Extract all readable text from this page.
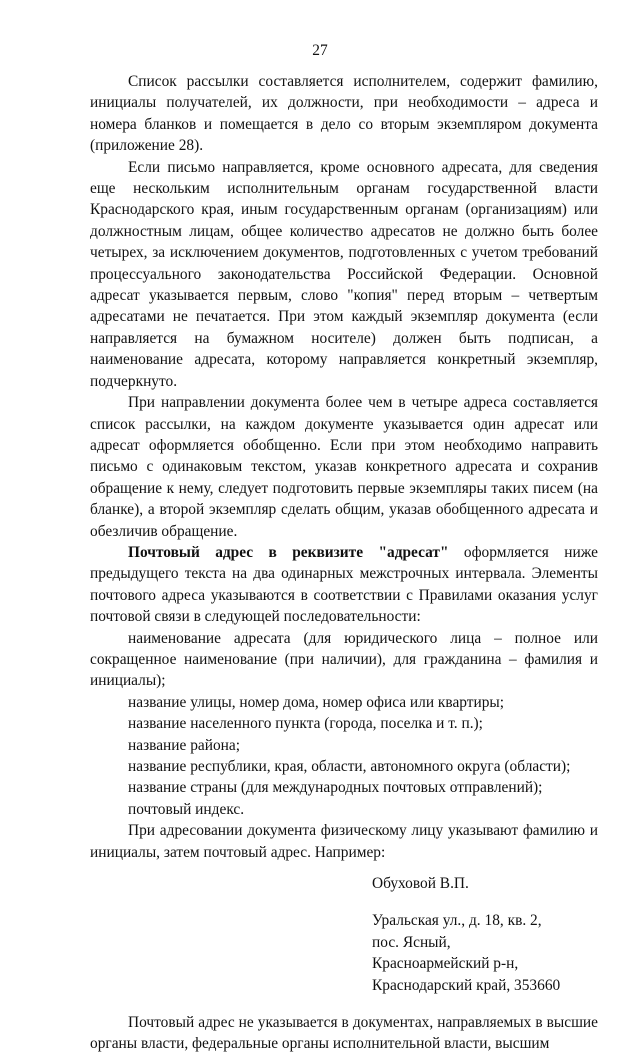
27

Список рассылки составляется исполнителем, содержит фамилию, инициалы получателей, их должности, при необходимости – адреса и номера бланков и помещается в дело со вторым экземпляром документа (приложение 28).

Если письмо направляется, кроме основного адресата, для сведения еще нескольким исполнительным органам государственной власти Краснодарского края, иным государственным органам (организациям) или должностным лицам, общее количество адресатов не должно быть более четырех, за исключением документов, подготовленных с учетом требований процессуального законодательства Российской Федерации. Основной адресат указывается первым, слово "копия" перед вторым – четвертым адресатами не печатается. При этом каждый экземпляр документа (если направляется на бумажном носителе) должен быть подписан, а наименование адресата, которому направляется конкретный экземпляр, подчеркнуто.

При направлении документа более чем в четыре адреса составляется список рассылки, на каждом документе указывается один адресат или адресат оформляется обобщенно. Если при этом необходимо направить письмо с одинаковым текстом, указав конкретного адресата и сохранив обращение к нему, следует подготовить первые экземпляры таких писем (на бланке), а второй экземпляр сделать общим, указав обобщенного адресата и обезличив обращение.

Почтовый адрес в реквизите "адресат" оформляется ниже предыдущего текста на два одинарных межстрочных интервала. Элементы почтового адреса указываются в соответствии с Правилами оказания услуг почтовой связи в следующей последовательности:

наименование адресата (для юридического лица – полное или сокращенное наименование (при наличии), для гражданина – фамилия и инициалы);
название улицы, номер дома, номер офиса или квартиры;
название населенного пункта (города, поселка и т. п.);
название района;
название республики, края, области, автономного округа (области);
название страны (для международных почтовых отправлений);
почтовый индекс.

При адресовании документа физическому лицу указывают фамилию и инициалы, затем почтовый адрес. Например:

Обуховой В.П.
Уральская ул., д. 18, кв. 2,
пос. Ясный,
Красноармейский р-н,
Краснодарский край, 353660

Почтовый адрес не указывается в документах, направляемых в высшие органы власти, федеральные органы исполнительной власти, высшим
